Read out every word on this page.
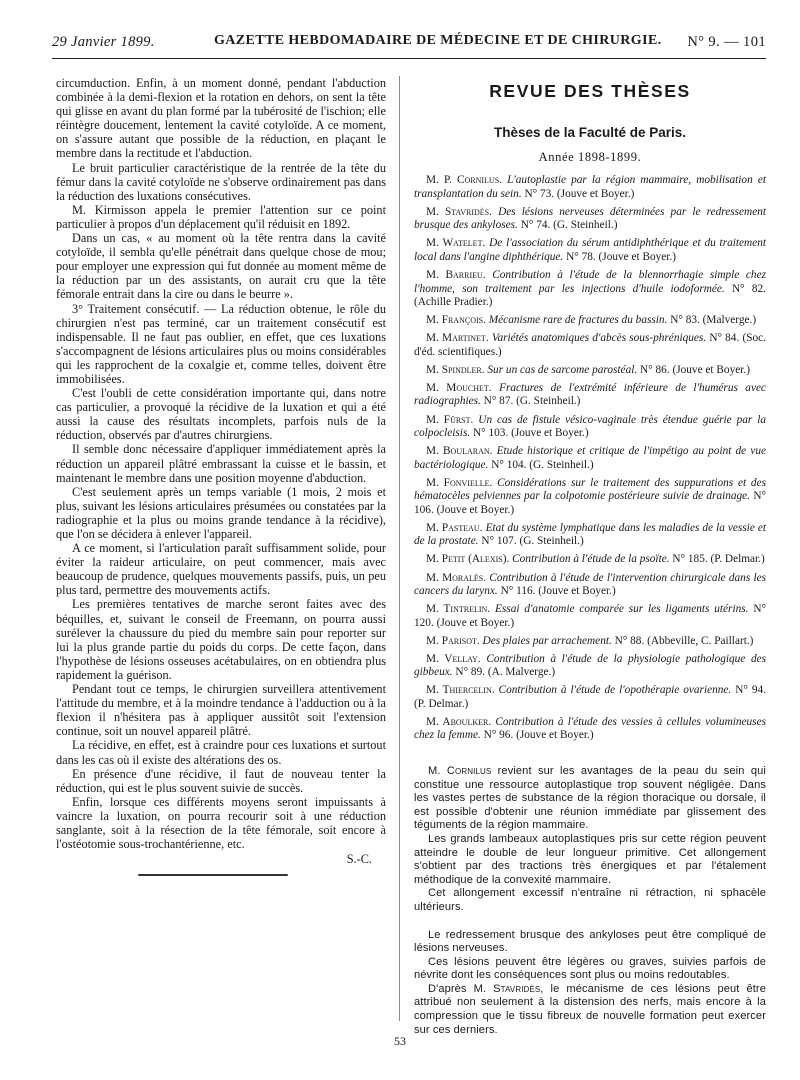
29 Janvier 1899.	GAZETTE HEBDOMADAIRE DE MÉDECINE ET DE CHIRURGIE. N° 9. — 101

circumduction. Enfin, à un moment donné, pendant l'abduction combinée à la demi-flexion et la rotation en dehors, on sent la tête qui glisse en avant du plan formé par la tubérosité de l'ischion; elle réintègre doucement, lentement la cavité cotyloïde. A ce moment, on s'assure autant que possible de la réduction, en plaçant le membre dans la rectitude et l'abduction.

Le bruit particulier caractéristique de la rentrée de la tête du fémur dans la cavité cotyloïde ne s'observe ordinairement pas dans la réduction des luxations consécutives.

M. Kirmisson appela le premier l'attention sur ce point particulier à propos d'un déplacement qu'il réduisit en 1892.

Dans un cas, « au moment où la tête rentra dans la cavité cotyloïde, il sembla qu'elle pénétrait dans quelque chose de mou; pour employer une expression qui fut donnée au moment même de la réduction par un des assistants, on aurait cru que la tête fémorale entrait dans la cire ou dans le beurre ».

3° Traitement consécutif. — La réduction obtenue, le rôle du chirurgien n'est pas terminé, car un traitement consécutif est indispensable. Il ne faut pas oublier, en effet, que ces luxations s'accompagnent de lésions articulaires plus ou moins considérables qui les rapprochent de la coxalgie et, comme telles, doivent être immobilisées.

C'est l'oubli de cette considération importante qui, dans notre cas particulier, a provoqué la récidive de la luxation et qui a été aussi la cause des résultats incomplets, parfois nuls de la réduction, observés par d'autres chirurgiens.

Il semble donc nécessaire d'appliquer immédiatement après la réduction un appareil plâtré embrassant la cuisse et le bassin, et maintenant le membre dans une position moyenne d'abduction.

C'est seulement après un temps variable (1 mois, 2 mois et plus, suivant les lésions articulaires présumées ou constatées par la radiographie et la plus ou moins grande tendance à la récidive), que l'on se décidera à enlever l'appareil.

A ce moment, si l'articulation paraît suffisamment solide, pour éviter la raideur articulaire, on peut commencer, mais avec beaucoup de prudence, quelques mouvements passifs, puis, un peu plus tard, permettre des mouvements actifs.

Les premières tentatives de marche seront faites avec des béquilles, et, suivant le conseil de Freemann, on pourra aussi surélever la chaussure du pied du membre sain pour reporter sur lui la plus grande partie du poids du corps. De cette façon, dans l'hypothèse de lésions osseuses acétabulaires, on en obtiendra plus rapidement la guérison.

Pendant tout ce temps, le chirurgien surveillera attentivement l'attitude du membre, et à la moindre tendance à l'adduction ou à la flexion il n'hésitera pas à appliquer aussitôt soit l'extension continue, soit un nouvel appareil plâtré.

La récidive, en effet, est à craindre pour ces luxations et surtout dans les cas où il existe des altérations des os.

En présence d'une récidive, il faut de nouveau tenter la réduction, qui est le plus souvent suivie de succès.

Enfin, lorsque ces différents moyens seront impuissants à vaincre la luxation, on pourra recourir soit à une réduction sanglante, soit à la résection de la tête fémorale, soit encore à l'ostéotomie sous-trochantérienne, etc.

S.-C.
REVUE DES THÈSES
Thèses de la Faculté de Paris.
Année 1898-1899.
M. P. Cornilus. L'autoplastie par la région mammaire, mobilisation et transplantation du sein. N° 73. (Jouve et Boyer.)
M. Stavridès. Des lésions nerveuses déterminées par le redressement brusque des ankyloses. N° 74. (G. Steinheil.)
M. Watelet. De l'association du sérum antidiphthérique et du traitement local dans l'angine diphthérique. N° 78. (Jouve et Boyer.)
M. Barrieu. Contribution à l'étude de la blennorrhagie simple chez l'homme, son traitement par les injections d'huile iodoformée. N° 82. (Achille Pradier.)
M. François. Mécanisme rare de fractures du bassin. N° 83. (Malverge.)
M. Martinet. Variétés anatomiques d'abcès sous-phréniques. N° 84. (Soc. d'éd. scientifiques.)
M. Spindler. Sur un cas de sarcome parostéal. N° 86. (Jouve et Boyer.)
M. Mouchet. Fractures de l'extrémité inférieure de l'humérus avec radiographies. N° 87. (G. Steinheil.)
M. Fürst. Un cas de fistule vésico-vaginale très étendue guérie par la colpocleisis. N° 103. (Jouve et Boyer.)
M. Boularan. Etude historique et critique de l'impétigo au point de vue bactériologique. N° 104. (G. Steinheil.)
M. Fonvielle. Considérations sur le traitement des suppurations et des hématocèles pelviennes par la colpotomie postérieure suivie de drainage. N° 106. (Jouve et Boyer.)
M. Pasteau. Etat du système lymphatique dans les maladies de la vessie et de la prostate. N° 107. (G. Steinheil.)
M. Petit (Alexis). Contribution à l'étude de la psoïte. N° 185. (P. Delmar.)
M. Moralès. Contribution à l'étude de l'intervention chirurgicale dans les cancers du larynx. N° 116. (Jouve et Boyer.)
M. Tintrelin. Essai d'anatomie comparée sur les ligaments utérins. N° 120. (Jouve et Boyer.)
M. Parisot. Des plaies par arrachement. N° 88. (Abbeville, C. Paillart.)
M. Vellay. Contribution à l'étude de la physiologie pathologique des gibbeux. N° 89. (A. Malverge.)
M. Thiercelin. Contribution à l'étude de l'opothérapie ovarienne. N° 94. (P. Delmar.)
M. Aboulker. Contribution à l'étude des vessies à cellules volumineuses chez la femme. N° 96. (Jouve et Boyer.)

M. Cornilus revient sur les avantages de la peau du sein qui constitue une ressource autoplastique trop souvent négligée. Dans les vastes pertes de substance de la région thoracique ou dorsale, il est possible d'obtenir une réunion immédiate par glissement des téguments de la région mammaire.

Les grands lambeaux autoplastiques pris sur cette région peuvent atteindre le double de leur longueur primitive. Cet allongement s'obtient par des tractions très énergiques et par l'étalement méthodique de la convexité mammaire.

Cet allongement excessif n'entraîne ni rétraction, ni sphacèle ultérieurs.

Le redressement brusque des ankyloses peut être compliqué de lésions nerveuses.

Ces lésions peuvent être légères ou graves, suivies parfois de névrite dont les conséquences sont plus ou moins redoutables.

D'après M. Stavridès, le mécanisme de ces lésions peut être attribué non seulement à la distension des nerfs, mais encore à la compression que le tissu fibreux de nouvelle formation peut exercer sur ces derniers.

53
